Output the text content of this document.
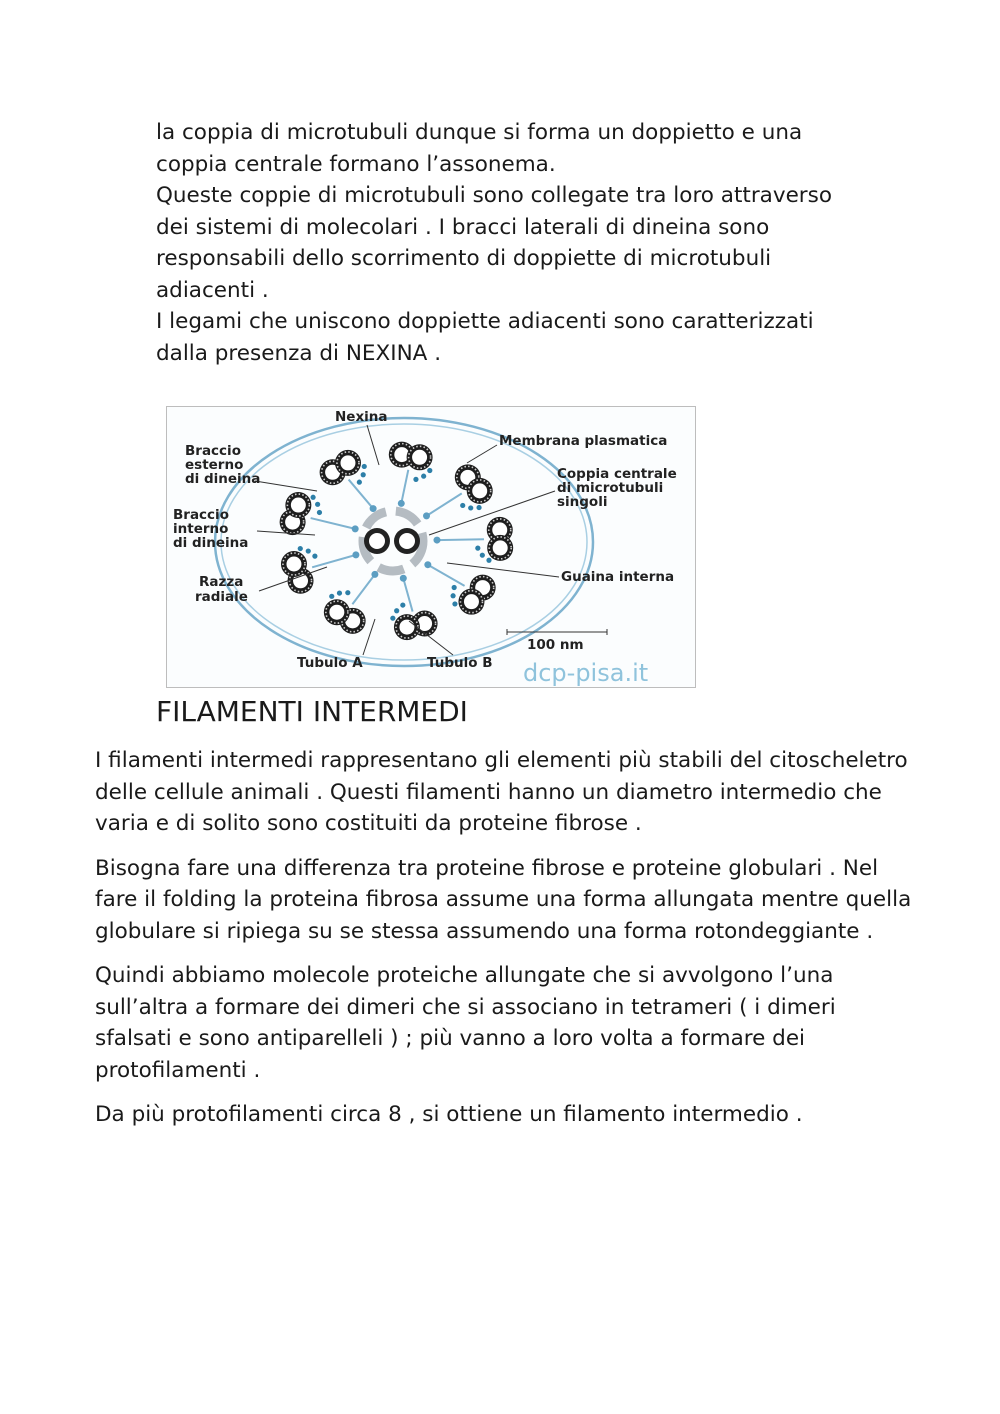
la coppia di microtubuli dunque si forma un doppietto e una

coppia centrale formano l’assonema.

Queste coppie di microtubuli sono collegate tra loro attraverso

dei sistemi di molecolari . I bracci laterali di dineina sono

responsabili dello scorrimento di doppiette di microtubuli

adiacenti .

I legami che uniscono doppiette adiacenti sono caratterizzati

dalla presenza di NEXINA .

Nexina
Membrana plasmatica
Braccio
esterno
di dineina	Coppia centrale
di microtubuli
singoli
Braccio
interno
di dineina
Guaina interna
Razza
radiale
100 nm
Tubulo A	Tubulo B dcp-pisa.it
FILAMENTI INTERMEDI

I filamenti intermedi rappresentano gli elementi più stabili del citoscheletro delle cellule animali . Questi filamenti hanno un diametro intermedio che varia e di solito sono costituiti da proteine fibrose .

Bisogna fare una differenza tra proteine fibrose e proteine globulari . Nel fare il folding la proteina fibrosa assume una forma allungata mentre quella globulare si ripiega su se stessa assumendo una forma rotondeggiante .

Quindi abbiamo molecole proteiche allungate che si avvolgono l’una sull’altra a formare dei dimeri che si associano in tetrameri ( i dimeri sfalsati e sono antiparelleli ) ; più vanno a loro volta a formare dei protofilamenti .

Da più protofilamenti circa 8 , si ottiene un filamento intermedio .
